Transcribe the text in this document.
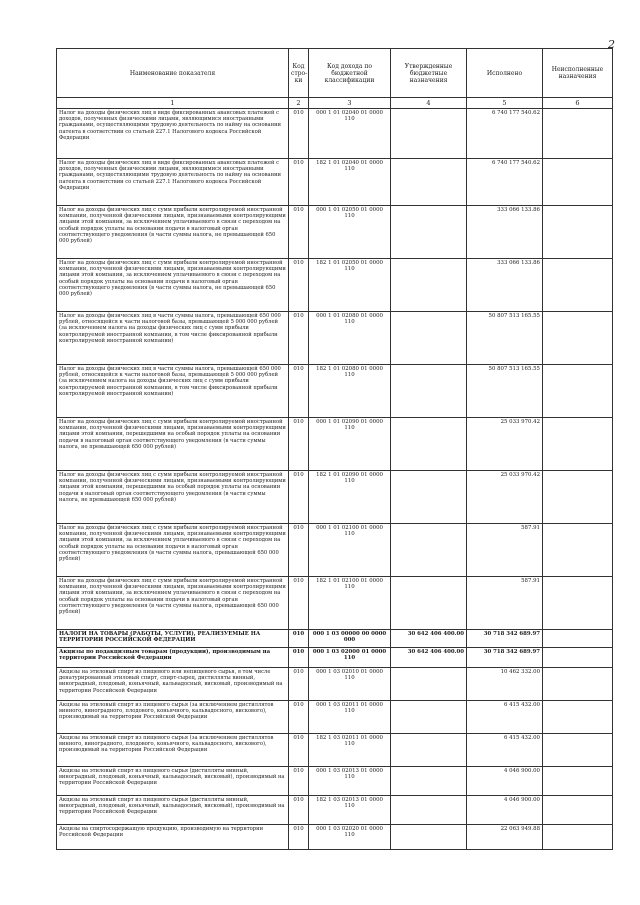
2
Наименование показателя	Код стро-ки	Код дохода по бюджетной классификации	Утвержденные бюджетные назначения	Исполнено	Неисполненные назначения
1	2	3	4	5	6
Налог на доходы физических лиц в виде фиксированных авансовых платежей с доходов, полученных физическими лицами, являющимися иностранными гражданами, осуществляющими трудовую деятельность по найму на основании патента в соответствии со статьей 227.1 Налогового кодекса Российской Федерации	010	000 1 01 02040 01 0000 110		6 740 177 540.62	
Налог на доходы физических лиц в виде фиксированных авансовых платежей с доходов, полученных физическими лицами, являющимися иностранными гражданами, осуществляющими трудовую деятельность по найму на основании патента в соответствии со статьей 227.1 Налогового кодекса Российской Федерации	010	182 1 01 02040 01 0000 110		6 740 177 540.62	
Налог на доходы физических лиц с сумм прибыли контролируемой иностранной компании, полученной физическими лицами, признаваемыми контролирующими лицами этой компании, за исключением уплачиваемого в связи с переходом на особый порядок уплаты на основании подачи в налоговый орган соответствующего уведомления (в части суммы налога, не превышающей 650 000 рублей)	010	000 1 01 02050 01 0000 110		333 066 133.86	
Налог на доходы физических лиц с сумм прибыли контролируемой иностранной компании, полученной физическими лицами, признаваемыми контролирующими лицами этой компании, за исключением уплачиваемого в связи с переходом на особый порядок уплаты на основании подачи в налоговый орган соответствующего уведомления (в части суммы налога, не превышающей 650 000 рублей)	010	182 1 01 02050 01 0000 110		333 066 133.86	
Налог на доходы физических лиц в части суммы налога, превышающей 650 000 рублей, относящейся к части налоговой базы, превышающей 5 000 000 рублей (за исключением налога на доходы физических лиц с сумм прибыли контролируемой иностранной компании, в том числе фиксированной прибыли контролируемой иностранной компании)	010	000 1 01 02080 01 0000 110		50 807 513 165.55	
Налог на доходы физических лиц в части суммы налога, превышающей 650 000 рублей, относящейся к части налоговой базы, превышающей 5 000 000 рублей (за исключением налога на доходы физических лиц с сумм прибыли контролируемой иностранной компании, в том числе фиксированной прибыли контролируемой иностранной компании)	010	182 1 01 02080 01 0000 110		50 807 513 165.55	
Налог на доходы физических лиц с сумм прибыли контролируемой иностранной компании, полученной физическими лицами, признаваемыми контролирующими лицами этой компании, перешедшими на особый порядок уплаты на основании подачи в налоговый орган соответствующего уведомления (в части суммы налога, не превышающей 650 000 рублей)	010	000 1 01 02090 01 0000 110		25 033 970.42	
Налог на доходы физических лиц с сумм прибыли контролируемой иностранной компании, полученной физическими лицами, признаваемыми контролирующими лицами этой компании, перешедшими на особый порядок уплаты на основании подачи в налоговый орган соответствующего уведомления (в части суммы налога, не превышающей 650 000 рублей)	010	182 1 01 02090 01 0000 110		25 033 970.42	
Налог на доходы физических лиц с сумм прибыли контролируемой иностранной компании, полученной физическими лицами, признаваемыми контролирующими лицами этой компании, за исключением уплачиваемого в связи с переходом на особый порядок уплаты на основании подачи в налоговый орган соответствующего уведомления (в части суммы налога, превышающей 650 000 рублей)	010	000 1 01 02100 01 0000 110		587.91	
Налог на доходы физических лиц с сумм прибыли контролируемой иностранной компании, полученной физическими лицами, признаваемыми контролирующими лицами этой компании, за исключением уплачиваемого в связи с переходом на особый порядок уплаты на основании подачи в налоговый орган соответствующего уведомления (в части суммы налога, превышающей 650 000 рублей)	010	182 1 01 02100 01 0000 110		587.91	
НАЛОГИ НА ТОВАРЫ (РАБОТЫ, УСЛУГИ), РЕАЛИЗУЕМЫЕ НА ТЕРРИТОРИИ РОССИЙСКОЙ ФЕДЕРАЦИИ	010	000 1 03 00000 00 0000 000	30 642 406 400.00	30 718 342 689.97	
Акцизы по подакцизным товарам (продукции), производимым на территории Российской Федерации	010	000 1 03 02000 01 0000 110	30 642 406 400.00	30 718 342 689.97	
Акцизы на этиловый спирт из пищевого или непищевого сырья, в том числе денатурированный этиловый спирт, спирт-сырец, дистилляты винный, виноградный, плодовый, коньячный, кальвадосный, висковый, производимый на территории Российской Федерации	010	000 1 03 02010 01 0000 110		10 462 332.00	
Акцизы на этиловый спирт из пищевого сырья (за исключением дистиллятов винного, виноградного, плодового, коньячного, кальвадосного, вискового), производимый на территории Российской Федерации	010	000 1 03 02011 01 0000 110		6 415 432.00	
Акцизы на этиловый спирт из пищевого сырья (за исключением дистиллятов винного, виноградного, плодового, коньячного, кальвадосного, вискового), производимый на территории Российской Федерации	010	182 1 03 02011 01 0000 110		6 415 432.00	
Акцизы на этиловый спирт из пищевого сырья (дистилляты винный, виноградный, плодовый, коньячный, кальвадосный, висковый), производимый на территории Российской Федерации	010	000 1 03 02013 01 0000 110		4 046 900.00	
Акцизы на этиловый спирт из пищевого сырья (дистилляты винный, виноградный, плодовый, коньячный, кальвадосный, висковый), производимый на территории Российской Федерации	010	182 1 03 02013 01 0000 110		4 046 900.00	
Акцизы на спиртосодержащую продукцию, производимую на территории Российской Федерации	010	000 1 03 02020 01 0000 110		22 063 949.88	
